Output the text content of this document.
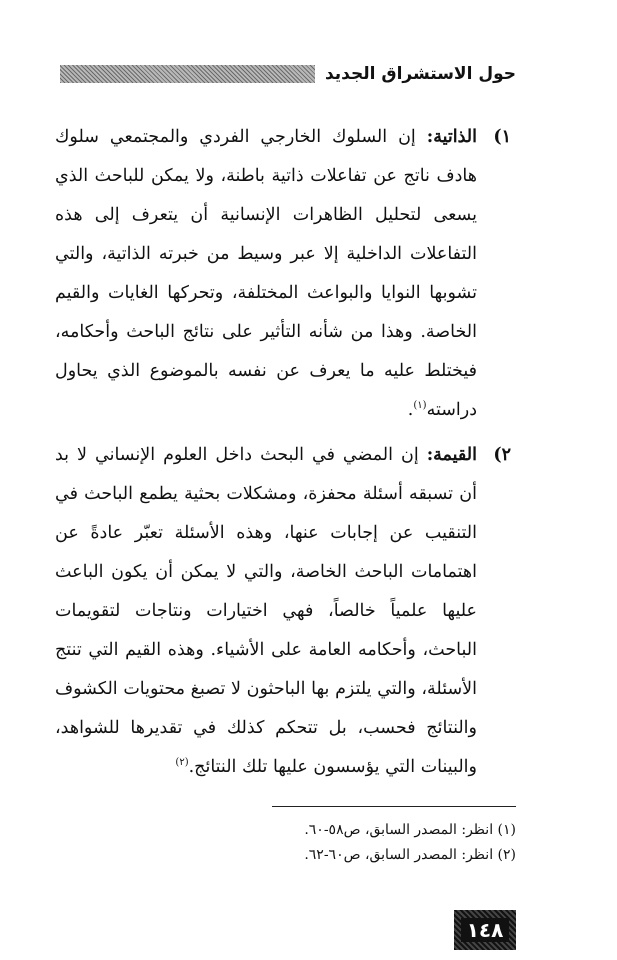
حول الاستشراق الجديد
١)
الذاتية: إن السلوك الخارجي الفردي والمجتمعي سلوك هادف ناتج عن تفاعلات ذاتية باطنة، ولا يمكن للباحث الذي يسعى لتحليل الظاهرات الإنسانية أن يتعرف إلى هذه التفاعلات الداخلية إلا عبر وسيط من خبرته الذاتية، والتي تشوبها النوايا والبواعث المختلفة، وتحركها الغايات والقيم الخاصة. وهذا من شأنه التأثير على نتائج الباحث وأحكامه، فيختلط عليه ما يعرف عن نفسه بالموضوع الذي يحاول دراسته$^{(١)}$.
٢)
القيمة: إن المضي في البحث داخل العلوم الإنساني لا بد أن تسبقه أسئلة محفزة، ومشكلات بحثية يطمع الباحث في التنقيب عن إجابات عنها، وهذه الأسئلة تعبّر عادةً عن اهتمامات الباحث الخاصة، والتي لا يمكن أن يكون الباعث عليها علمياً خالصاً، فهي اختيارات ونتاجات لتقويمات الباحث، وأحكامه العامة على الأشياء. وهذه القيم التي تنتج الأسئلة، والتي يلتزم بها الباحثون لا تصبغ محتويات الكشوف والنتائج فحسب، بل تتحكم كذلك في تقديرها للشواهد، والبينات التي يؤسسون عليها تلك النتائج.$^{(٢)}$
(١) انظر: المصدر السابق، ص٥٨-٦٠.
(٢) انظر: المصدر السابق، ص٦٠-٦٢.
١٤٨
